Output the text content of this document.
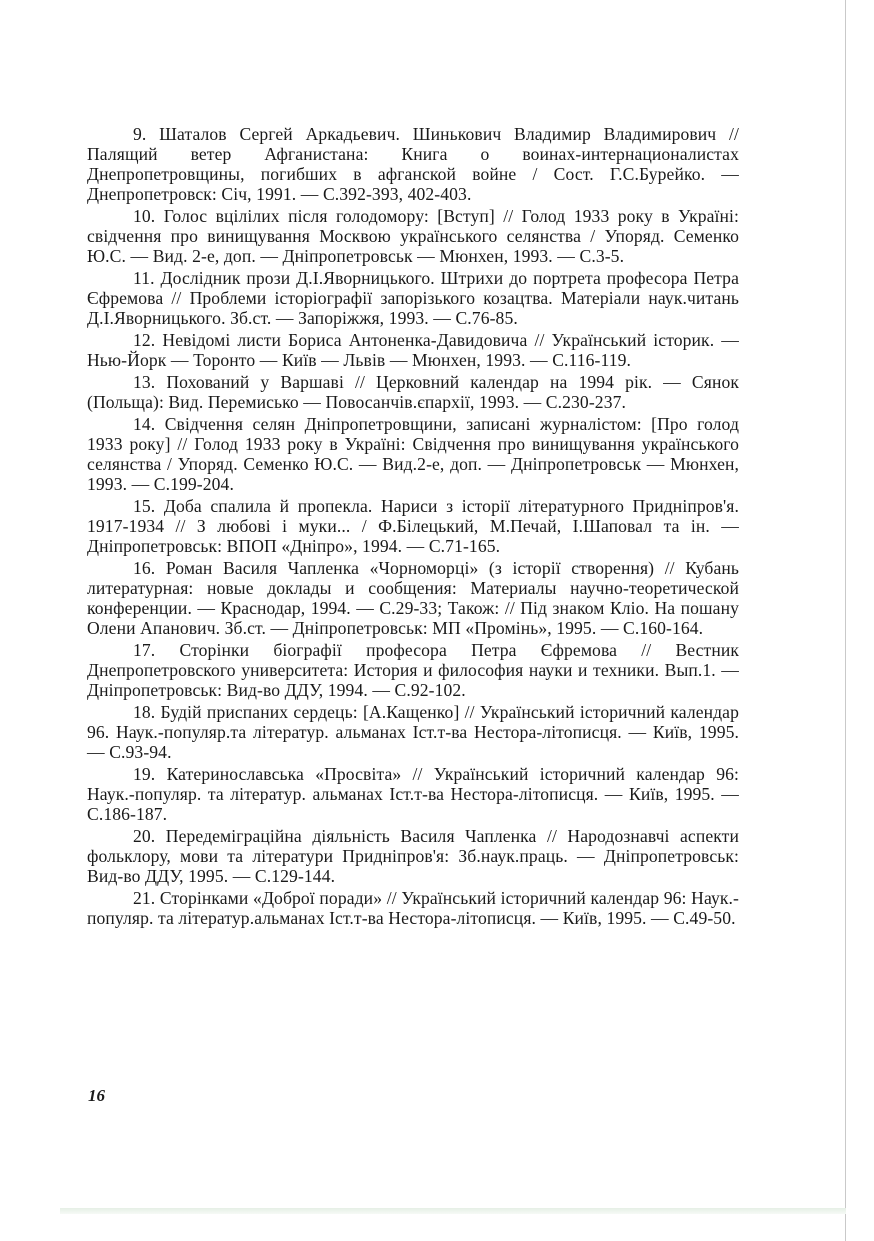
9. Шаталов Сергей Аркадьевич. Шинькович Владимир Владимирович // Палящий ветер Афганистана: Книга о воинах-интернационалистах Днепропетровщины, погибших в афганской войне / Сост. Г.С.Бурейко. — Днепропетровск: Січ, 1991. — С.392-393, 402-403.

10. Голос вцілілих після голодомору: [Вступ] // Голод 1933 року в Україні: свідчення про винищування Москвою українського селянства / Упоряд. Семенко Ю.С. — Вид. 2-е, доп. — Дніпропетровськ — Мюнхен, 1993. — С.3-5.

11. Дослідник прози Д.І.Яворницького. Штрихи до портрета професора Петра Єфремова // Проблеми історіографії запорізького козацтва. Матеріали наук.читань Д.І.Яворницького. Зб.ст. — Запоріжжя, 1993. — С.76-85.

12. Невідомі листи Бориса Антоненка-Давидовича // Український історик. — Нью-Йорк — Торонто — Київ — Львів — Мюнхен, 1993. — С.116-119.

13. Похований у Варшаві // Церковний календар на 1994 рік. — Сянок (Польща): Вид. Перемисько — Повосанчів.єпархії, 1993. — С.230-237.

14. Свідчення селян Дніпропетровщини, записані журналістом: [Про голод 1933 року] // Голод 1933 року в Україні: Свідчення про винищування українського селянства / Упоряд. Семенко Ю.С. — Вид.2-е, доп. — Дніпропетровськ — Мюнхен, 1993. — С.199-204.

15. Доба спалила й пропекла. Нариси з історії літературного Придніпров'я. 1917-1934 // З любові і муки... / Ф.Білецький, М.Печай, І.Шаповал та ін. — Дніпропетровськ: ВПОП «Дніпро», 1994. — С.71-165.

16. Роман Василя Чапленка «Чорноморці» (з історії створення) // Кубань литературная: новые доклады и сообщения: Материалы научно-теоретической конференции. — Краснодар, 1994. — С.29-33; Також: // Під знаком Кліо. На пошану Олени Апанович. Зб.ст. — Дніпропетровськ: МП «Промінь», 1995. — С.160-164.

17. Сторінки біографії професора Петра Єфремова // Вестник Днепропетровского университета: История и философия науки и техники. Вып.1. — Дніпропетровськ: Вид-во ДДУ, 1994. — С.92-102.

18. Будій приспаних сердець: [А.Кащенко] // Український історичний календар 96. Наук.-популяр.та літератур. альманах Іст.т-ва Нестора-літописця. — Київ, 1995. — С.93-94.

19. Катеринославська «Просвіта» // Український історичний календар 96: Наук.-популяр. та літератур. альманах Іст.т-ва Нестора-літописця. — Київ, 1995. — С.186-187.

20. Передеміграційна діяльність Василя Чапленка // Народознавчі аспекти фольклору, мови та літератури Придніпров'я: Зб.наук.праць. — Дніпропетровськ: Вид-во ДДУ, 1995. — С.129-144.

21. Сторінками «Доброї поради» // Український історичний календар 96: Наук.-популяр. та літератур.альманах Іст.т-ва Нестора-літописця. — Київ, 1995. — С.49-50.

16
